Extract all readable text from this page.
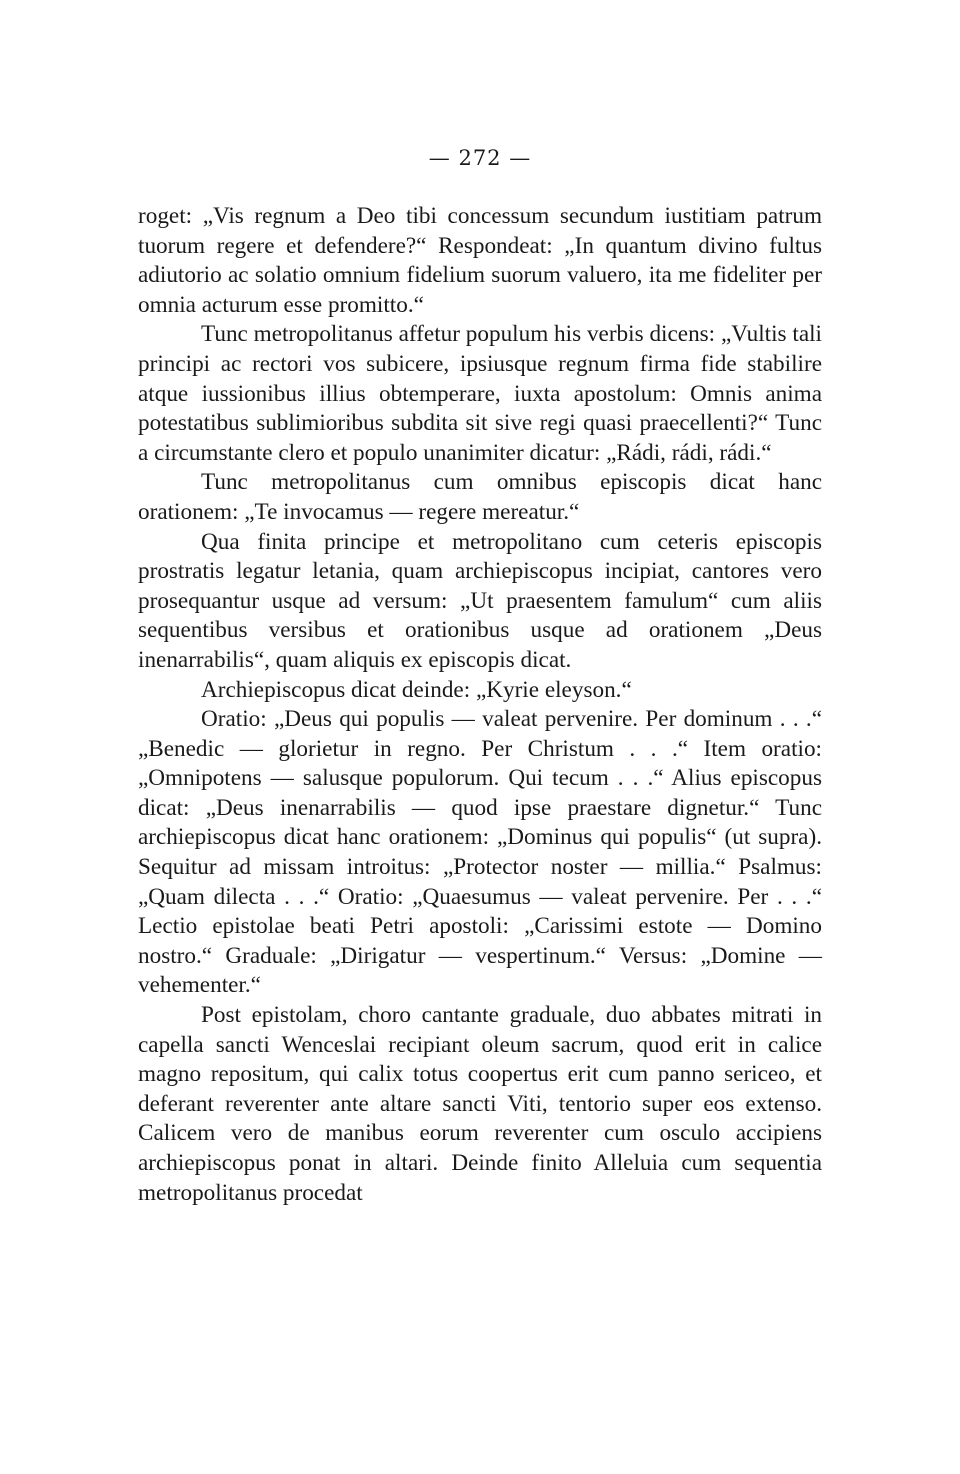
— 272 —

roget: „Vis regnum a Deo tibi concessum secundum iustitiam patrum tuorum regere et defendere?“ Respondeat: „In quantum divino fultus adiutorio ac solatio omnium fidelium suorum valuero, ita me fideliter per omnia acturum esse promitto.“

Tunc metropolitanus affetur populum his verbis dicens: „Vultis tali principi ac rectori vos subicere, ipsiusque regnum firma fide stabilire atque iussionibus illius obtemperare, iuxta apostolum: Omnis anima potestatibus sublimioribus subdita sit sive regi quasi praecellenti?“ Tunc a circumstante clero et populo unanimiter dicatur: „Rádi, rádi, rádi.“

Tunc metropolitanus cum omnibus episcopis dicat hanc orationem: „Te invocamus — regere mereatur.“

Qua finita principe et metropolitano cum ceteris episcopis prostratis legatur letania, quam archiepiscopus incipiat, cantores vero prosequantur usque ad versum: „Ut praesentem famulum“ cum aliis sequentibus versibus et orationibus usque ad orationem „Deus inenarrabilis“, quam aliquis ex episcopis dicat.

Archiepiscopus dicat deinde: „Kyrie eleyson.“

Oratio: „Deus qui populis — valeat pervenire. Per dominum . . .“ „Benedic — glorietur in regno. Per Christum . . .“ Item oratio: „Omnipotens — salusque populorum. Qui tecum . . .“ Alius episcopus dicat: „Deus inenarrabilis — quod ipse praestare dignetur.“ Tunc archiepiscopus dicat hanc orationem: „Dominus qui populis“ (ut supra). Sequitur ad missam introitus: „Protector noster — millia.“ Psalmus: „Quam dilecta . . .“ Oratio: „Quaesumus — valeat pervenire. Per . . .“ Lectio epistolae beati Petri apostoli: „Carissimi estote — Domino nostro.“ Graduale: „Dirigatur — vespertinum.“ Versus: „Domine — vehementer.“

Post epistolam, choro cantante graduale, duo abbates mitrati in capella sancti Wenceslai recipiant oleum sacrum, quod erit in calice magno repositum, qui calix totus coopertus erit cum panno sericeo, et deferant reverenter ante altare sancti Viti, tentorio super eos extenso. Calicem vero de manibus eorum reverenter cum osculo accipiens archiepiscopus ponat in altari. Deinde finito Alleluia cum sequentia metropolitanus procedat
